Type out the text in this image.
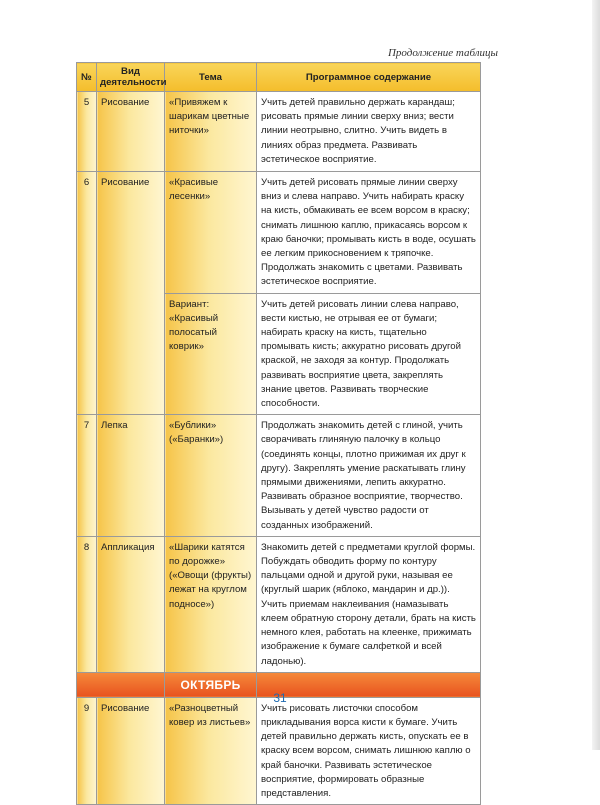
Продолжение таблицы
№	Вид деятельности	Тема	Программное содержание
5	Рисование	«Привяжем к шарикам цветные ниточки»	Учить детей правильно держать карандаш; рисовать прямые линии сверху вниз; вести линии неотрывно, слитно. Учить видеть в линиях образ предмета. Развивать эстетическое восприятие.
6	Рисование	«Красивые лесенки»	Учить детей рисовать прямые линии сверху вниз и слева направо. Учить набирать краску на кисть, обмакивать ее всем ворсом в краску; снимать лишнюю каплю, прикасаясь ворсом к краю баночки; промывать кисть в воде, осушать ее легким прикосновением к тряпочке. Продолжать знакомить с цветами. Развивать эстетическое восприятие.
		Вариант: «Красивый полосатый коврик»	Учить детей рисовать линии слева направо, вести кистью, не отрывая ее от бумаги; набирать краску на кисть, тщательно промывать кисть; аккуратно рисовать другой краской, не заходя за контур. Продолжать развивать восприятие цвета, закреплять знание цветов. Развивать творческие способности.
7	Лепка	«Бублики» («Баранки»)	Продолжать знакомить детей с глиной, учить сворачивать глиняную палочку в кольцо (соединять концы, плотно прижимая их друг к другу). Закреплять умение раскатывать глину прямыми движениями, лепить аккуратно. Развивать образное восприятие, творчество. Вызывать у детей чувство радости от созданных изображений.
8	Аппликация	«Шарики катятся по дорожке» («Овощи (фрукты) лежат на круглом подносе»)	Знакомить детей с предметами круглой формы. Побуждать обводить форму по контуру пальцами одной и другой руки, называя ее (круглый шарик (яблоко, мандарин и др.)). Учить приемам наклеивания (намазывать клеем обратную сторону детали, брать на кисть немного клея, работать на клеенке, прижимать изображение к бумаге салфеткой и всей ладонью).
		ОКТЯБРЬ	
9	Рисование	«Разноцветный ковер из листьев»	Учить рисовать листочки способом прикладывания ворса кисти к бумаге. Учить детей правильно держать кисть, опускать ее в краску всем ворсом, снимать лишнюю каплю о край баночки. Развивать эстетическое восприятие, формировать образные представления.
31
